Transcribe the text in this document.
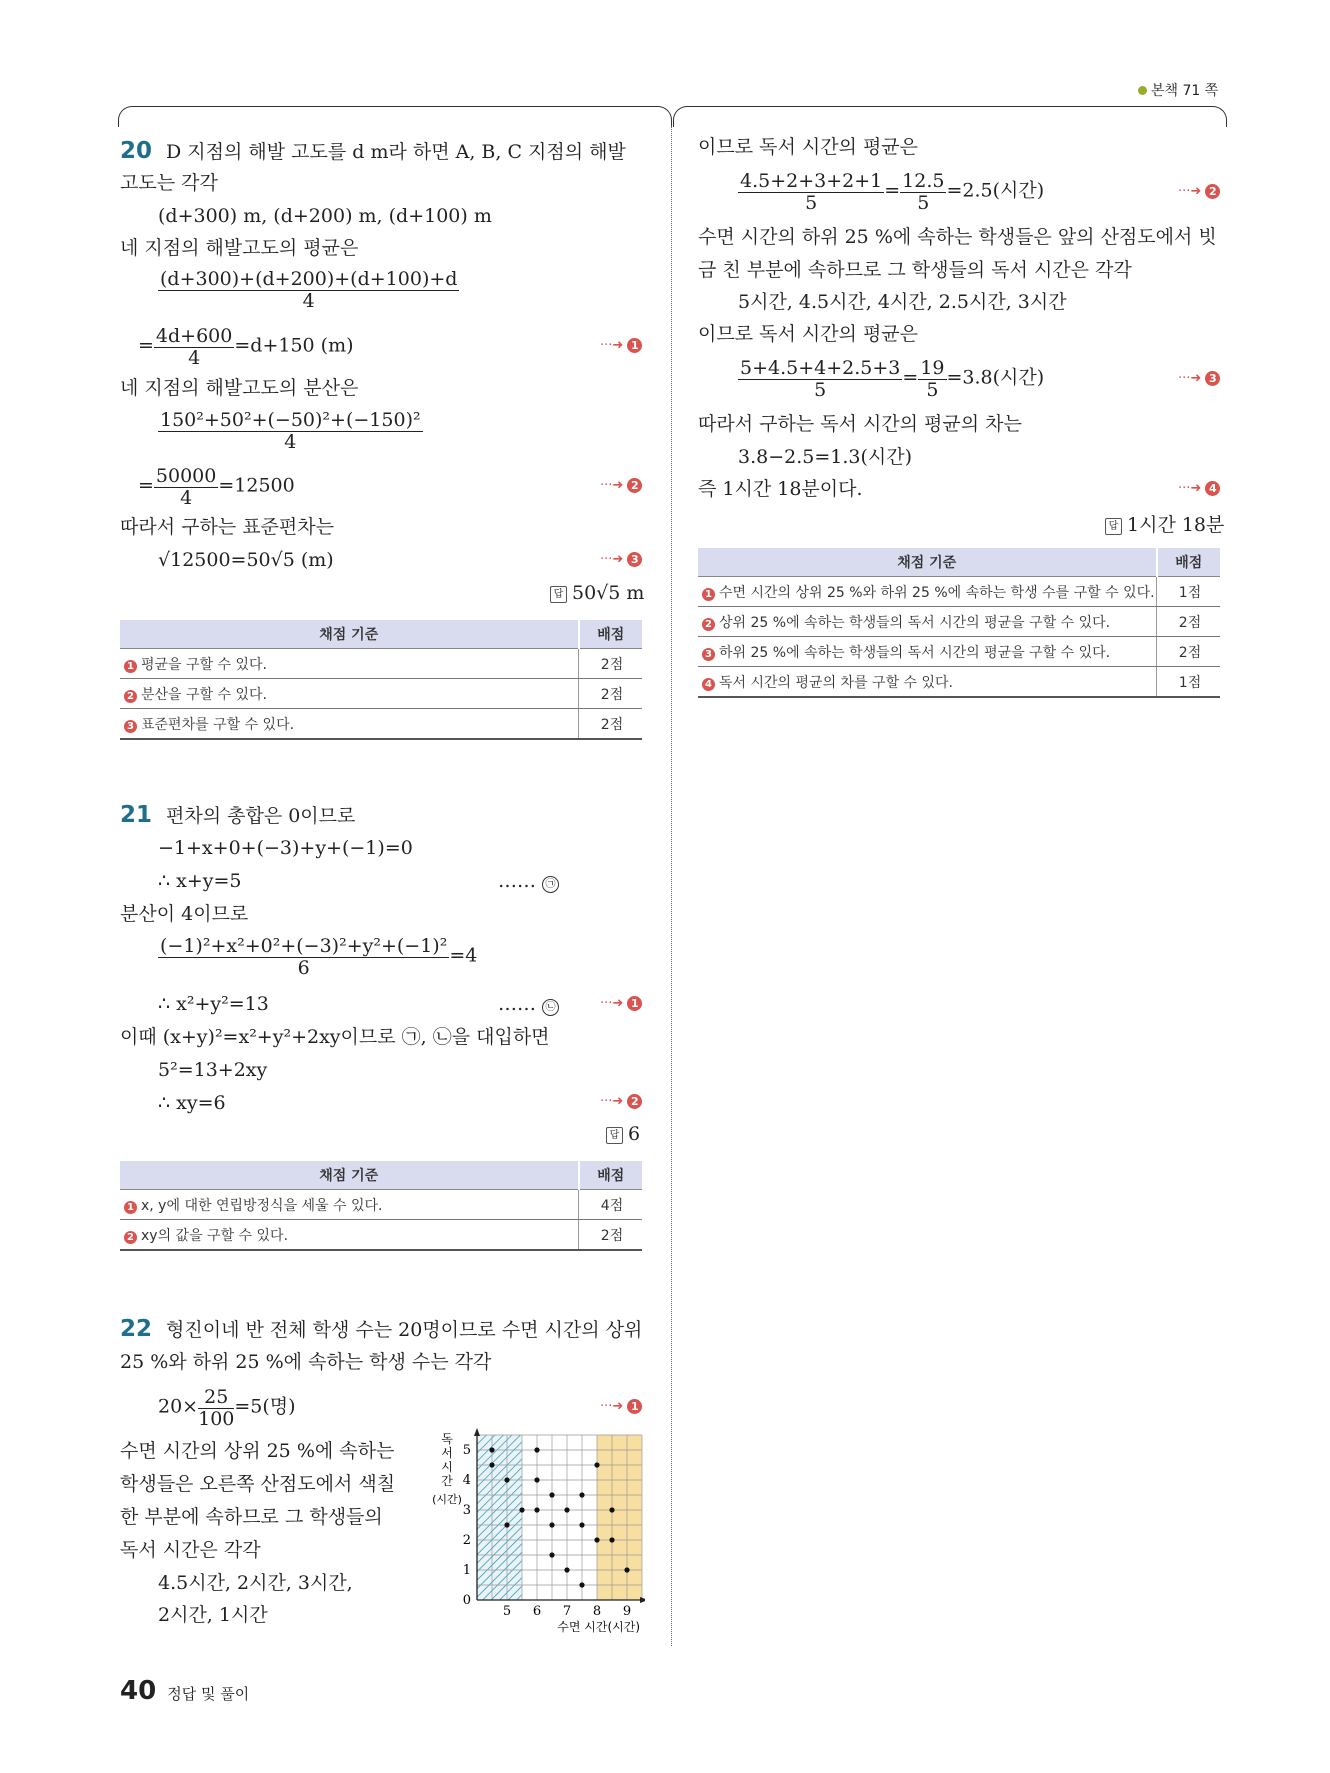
본책 71 쪽
20 D 지점의 해발 고도를 d m라 하면 A, B, C 지점의 해발
고도는 각각
(d+300) m, (d+200) m, (d+100) m
네 지점의 해발고도의 평균은
$\frac{(d+300)+(d+200)+(d+100)+d}{4}$
= $\frac{4d+600}{4} =d+150$ (m)	···➜ 1
네 지점의 해발고도의 분산은
$\frac{\text{150²+50²+(−50)²+(−150)²}}{4}$
= $\frac{50000}{4} =12500$	···➜ 2
따라서 구하는 표준편차는
√12500=50√5 (m)	···➜ 3
답 50√5 m
채점 기준	배점
1 평균을 구할 수 있다.	2점
2 분산을 구할 수 있다.	2점
3 표준편차를 구할 수 있다.	2점
21 편차의 총합은 0이므로
−1+x+0+(−3)+y+(−1)=0
∴ x+y=5	…… ㉠
분산이 4이므로
$\frac{\text{(−1)²+x²+0²+(−3)²+y²+(−1)²}}{6} =4$
∴ x²+y²=13	…… ㉡	···➜ 1
이때 (x+y)²=x²+y²+2xy이므로 ㉠, ㉡을 대입하면
5²=13+2xy
∴ xy=6	···➜ 2
답 6
채점 기준	배점
1 x, y에 대한 연립방정식을 세울 수 있다.	4점
2 xy의 값을 구할 수 있다.	2점
22 형진이네 반 전체 학생 수는 20명이므로 수면 시간의 상위
25 %와 하위 25 %에 속하는 학생 수는 각각
$20\times \frac{25}{100} =5$(명)	···➜ 1
수면 시간의 상위 25 %에 속하는
학생들은 오른쪽 산점도에서 색칠
한 부분에 속하므로 그 학생들의
독서 시간은 각각
4.5시간, 2시간, 3시간,
2시간, 1시간	5 6 7 8 9
0
1
2
3
4
5
수면 시간(시간)
독
서
시
간
(시간)
이므로 독서 시간의 평균은
$\frac{4.5+2+3+2+1}{5} = \frac{12.5}{5} =2.5$(시간)	···➜ 2
수면 시간의 하위 25 %에 속하는 학생들은 앞의 산점도에서 빗
금 친 부분에 속하므로 그 학생들의 독서 시간은 각각
5시간, 4.5시간, 4시간, 2.5시간, 3시간
이므로 독서 시간의 평균은
$\frac{5+4.5+4+2.5+3}{5} = \frac{19}{5} =3.8$(시간)	···➜ 3
따라서 구하는 독서 시간의 평균의 차는
3.8−2.5=1.3(시간)
즉 1시간 18분이다.	···➜ 4
답 1시간 18분
채점 기준	배점
1 수면 시간의 상위 25 %와 하위 25 %에 속하는 학생 수를 구할 수 있다.	1점
2 상위 25 %에 속하는 학생들의 독서 시간의 평균을 구할 수 있다.	2점
3 하위 25 %에 속하는 학생들의 독서 시간의 평균을 구할 수 있다.	2점
4 독서 시간의 평균의 차를 구할 수 있다.	1점
40 정답 및 풀이
